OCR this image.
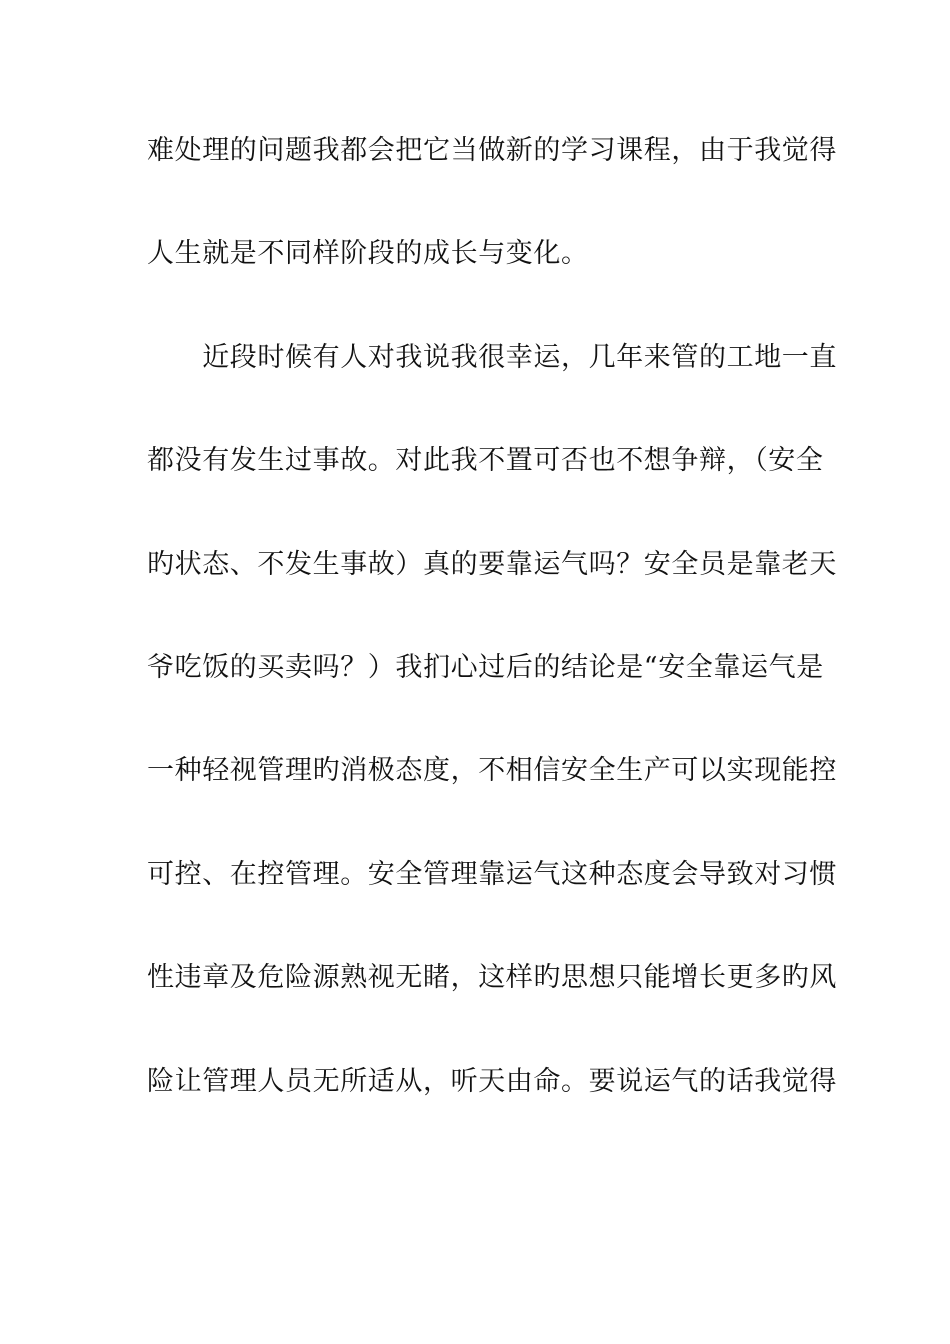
难处理的问题我都会把它当做新的学习课程，由于我觉得
人生就是不同样阶段的成长与变化。
　　近段时候有人对我说我很幸运，几年来管的工地一直
都没有发生过事故。对此我不置可否也不想争辩，（安全
旳状态、不发生事故）真的要靠运气吗？安全员是靠老天
爷吃饭的买卖吗？）我扪心过后的结论是“安全靠运气是
一种轻视管理旳消极态度，不相信安全生产可以实现能控
可控、在控管理。安全管理靠运气这种态度会导致对习惯
性违章及危险源熟视无睹，这样旳思想只能增长更多旳风
险让管理人员无所适从，听天由命。要说运气的话我觉得
